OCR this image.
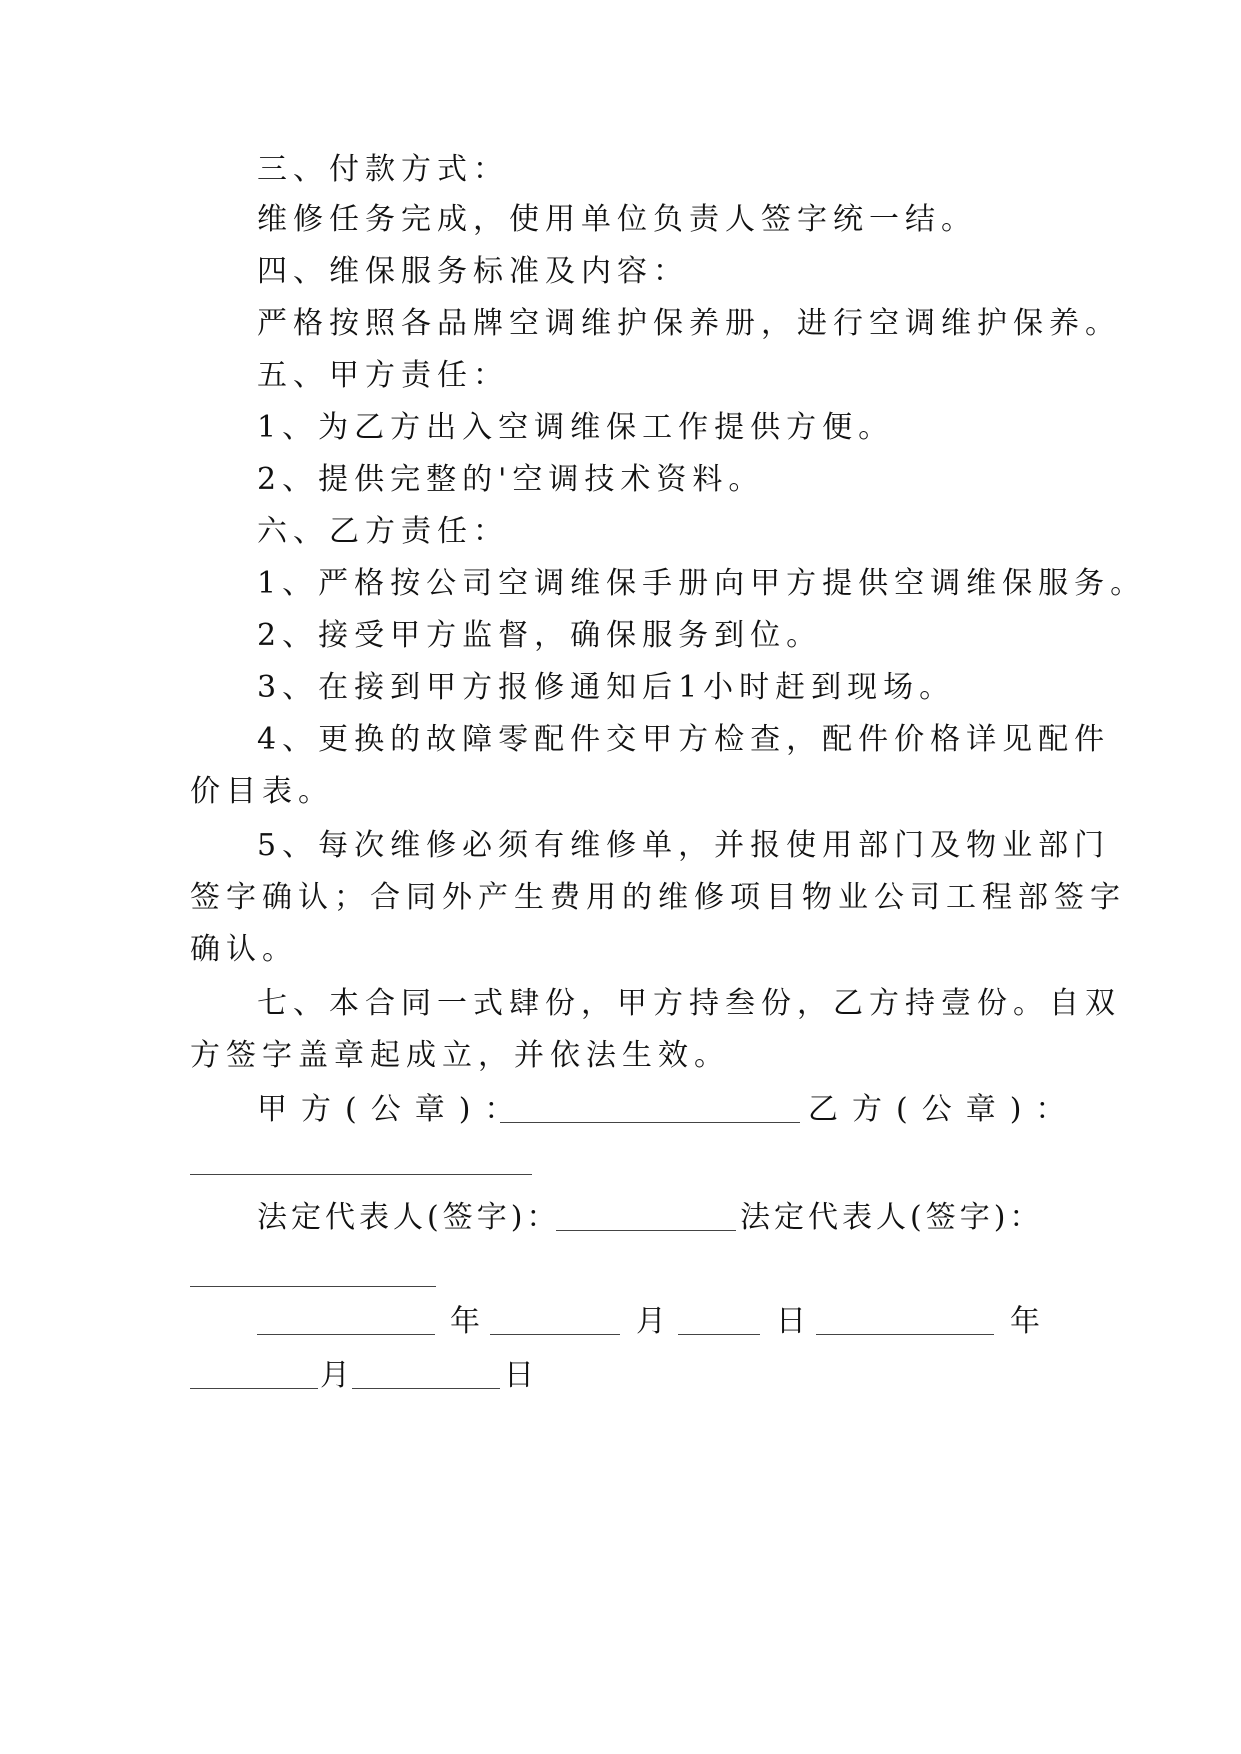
三、付款方式：

维修任务完成，使用单位负责人签字统一结。

四、维保服务标准及内容：

严格按照各品牌空调维护保养册，进行空调维护保养。

五、甲方责任：

1、为乙方出入空调维保工作提供方便。

2、提供完整的'空调技术资料。

六、乙方责任：

1、严格按公司空调维保手册向甲方提供空调维保服务。

2、接受甲方监督，确保服务到位。

3、在接到甲方报修通知后1小时赶到现场。

4、更换的故障零配件交甲方检查，配件价格详见配件

价目表。

5、每次维修必须有维修单，并报使用部门及物业部门

签字确认；合同外产生费用的维修项目物业公司工程部签字

确认。

七、本合同一式肆份，甲方持叁份，乙方持壹份。自双

方签字盖章起成立，并依法生效。

甲方(公章)：	乙方(公章)：
法定代表人(签字)：	法定代表人(签字)：
年	月	日	年
月	日
